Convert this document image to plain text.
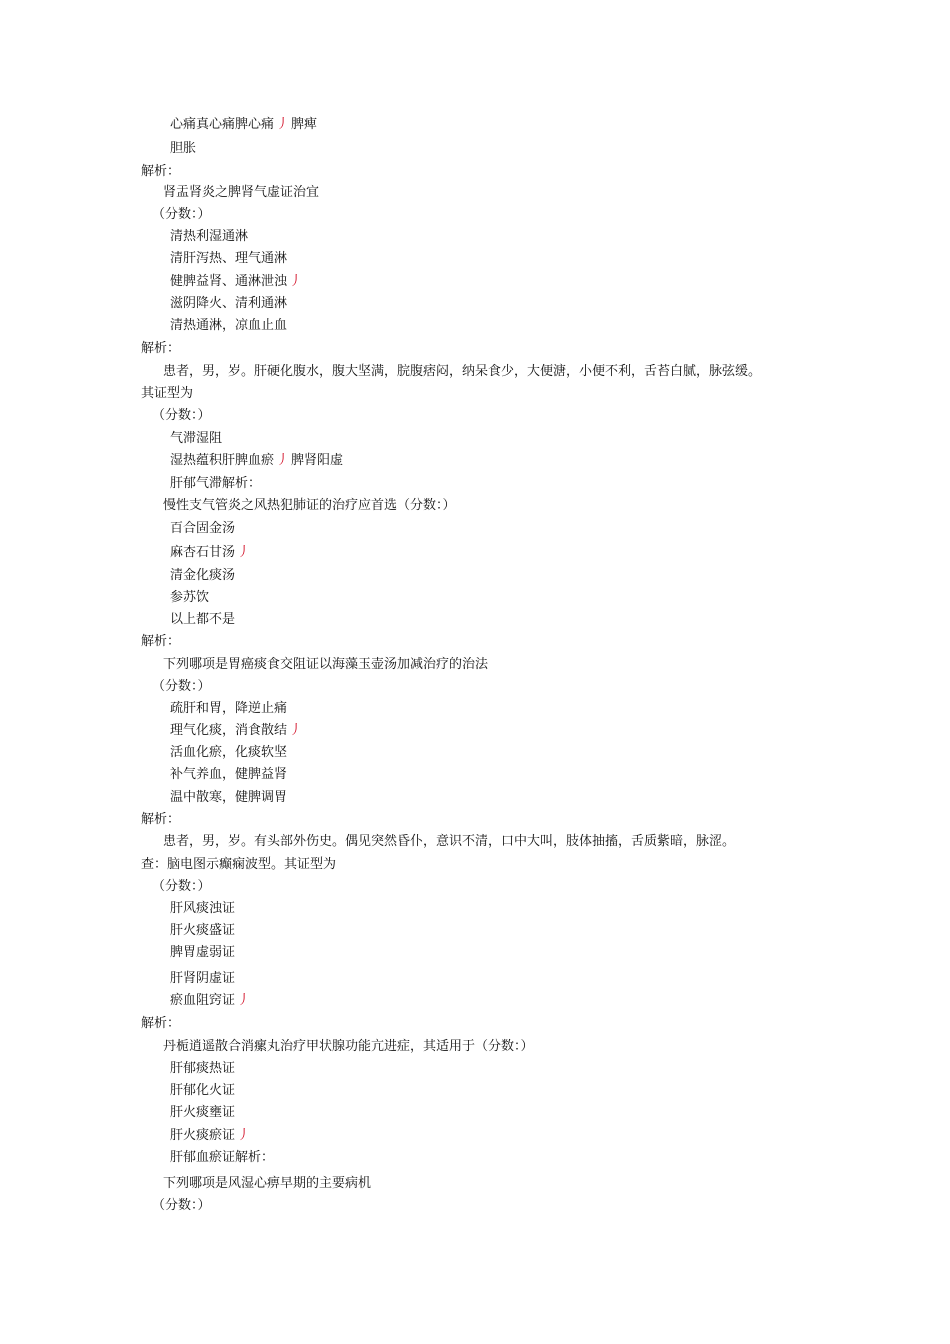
心痛真心痛脾心痛 丿 脾痺
胆胀
解析：
肾盂肾炎之脾肾气虚证治宜
（分数：）
清热利湿通淋
清肝泻热、理气通淋
健脾益肾、通淋泄浊 丿
滋阴降火、清利通淋
清热通淋，凉血止血
解析：
患者，男，岁。肝硬化腹水，腹大坚满，脘腹痞闷，纳呆食少，大便溏，小便不利，舌苔白腻，脉弦缓。
其证型为
（分数：）
气滞湿阻
湿热蕴积肝脾血瘀 丿 脾肾阳虚
肝郁气滞解析：
慢性支气管炎之风热犯肺证的治疗应首选（分数：）
百合固金汤
麻杏石甘汤 丿
清金化痰汤
参苏饮
以上都不是
解析：
下列哪项是胃癌痰食交阻证以海藻玉壶汤加减治疗的治法
（分数：）
疏肝和胃，降逆止痛
理气化痰，消食散结 丿
活血化瘀，化痰软坚
补气养血，健脾益肾
温中散寒，健脾调胃
解析：
患者，男，岁。有头部外伤史。偶见突然昏仆，意识不清，口中大叫，肢体抽搐，舌质紫暗，脉涩。
查：脑电图示癫痫波型。其证型为
（分数：）
肝风痰浊证
肝火痰盛证
脾胃虚弱证
肝肾阴虚证
瘀血阻窍证 丿
解析：
丹栀逍遥散合消瘰丸治疗甲状腺功能亢进症，其适用于（分数：）
肝郁痰热证
肝郁化火证
肝火痰壅证
肝火痰瘀证 丿
肝郁血瘀证解析：
下列哪项是风湿心痹早期的主要病机
（分数：）
